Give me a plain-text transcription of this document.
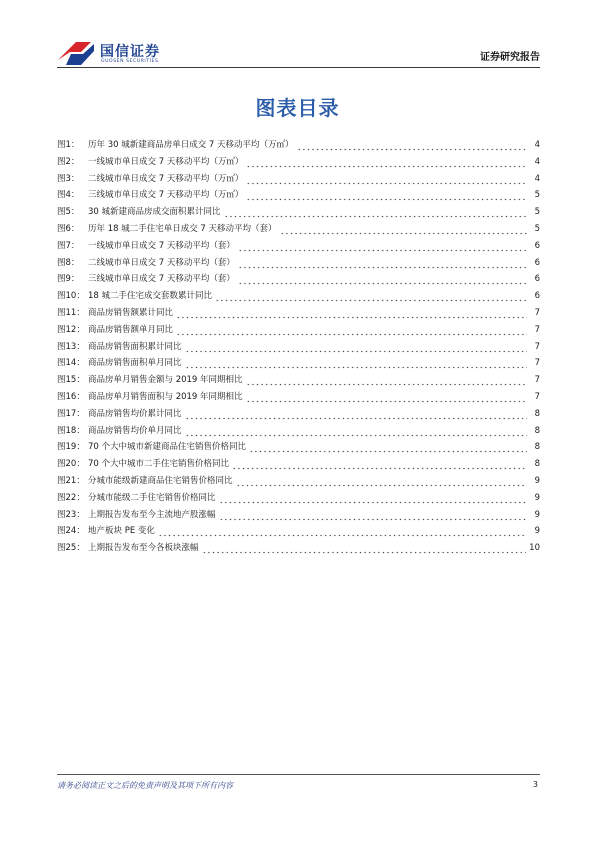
国信证券
GUOSEN SECURITIES	证券研究报告
图表目录
图1：	历年 30 城新建商品房单日成交 7 天移动平均（万㎡）	4
图2：	一线城市单日成交 7 天移动平均（万㎡）	4
图3：	二线城市单日成交 7 天移动平均（万㎡）	4
图4：	三线城市单日成交 7 天移动平均（万㎡）	5
图5：	30 城新建商品房成交面积累计同比	5
图6：	历年 18 城二手住宅单日成交 7 天移动平均（套）	5
图7：	一线城市单日成交 7 天移动平均（套）	6
图8：	二线城市单日成交 7 天移动平均（套）	6
图9：	三线城市单日成交 7 天移动平均（套）	6
图10： 18 城二手住宅成交套数累计同比	6
图11： 商品房销售额累计同比	7
图12： 商品房销售额单月同比	7
图13： 商品房销售面积累计同比	7
图14： 商品房销售面积单月同比	7
图15： 商品房单月销售金额与 2019 年同期相比	7
图16： 商品房单月销售面积与 2019 年同期相比	7
图17： 商品房销售均价累计同比	8
图18： 商品房销售均价单月同比	8
图19： 70 个大中城市新建商品住宅销售价格同比	8
图20： 70 个大中城市二手住宅销售价格同比	8
图21： 分城市能级新建商品住宅销售价格同比	9
图22： 分城市能级二手住宅销售价格同比	9
图23： 上期报告发布至今主流地产股涨幅	9
图24： 地产板块 PE 变化	9
图25： 上期报告发布至今各板块涨幅	10
请务必阅读正文之后的免责声明及其项下所有内容	3
